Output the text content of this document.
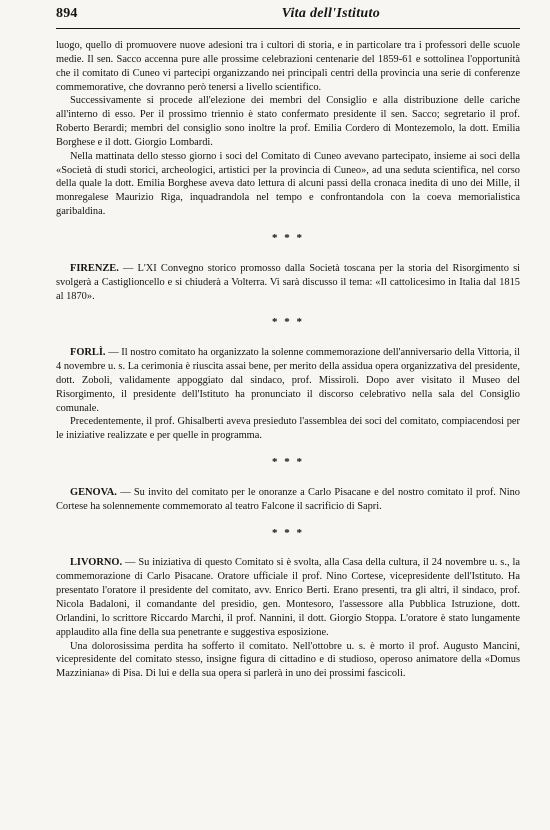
894	Vita dell'Istituto

luogo, quello di promuovere nuove adesioni tra i cultori di storia, e in particolare tra i professori delle scuole medie. Il sen. Sacco accenna pure alle prossime celebrazioni centenarie del 1859-61 e sottolinea l'opportunità che il comitato di Cuneo vi partecipi organizzando nei principali centri della provincia una serie di conferenze commemorative, che dovranno però tenersi a livello scientifico.

Successivamente si procede all'elezione dei membri del Consiglio e alla distribuzione delle cariche all'interno di esso. Per il prossimo triennio è stato confermato presidente il sen. Sacco; segretario il prof. Roberto Berardi; membri del consiglio sono inoltre la prof. Emilia Cordero di Montezemolo, la dott. Emilia Borghese e il dott. Giorgio Lombardi.

Nella mattinata dello stesso giorno i soci del Comitato di Cuneo avevano partecipato, insieme ai soci della «Società di studi storici, archeologici, artistici per la provincia di Cuneo», ad una seduta scientifica, nel corso della quale la dott. Emilia Borghese aveva dato lettura di alcuni passi della cronaca inedita di uno dei Mille, il monregalese Maurizio Riga, inquadrandola nel tempo e confrontandola con la coeva memorialistica garibaldina.

* * *

FIRENZE. — L'XI Convegno storico promosso dalla Società toscana per la storia del Risorgimento si svolgerà a Castiglioncello e si chiuderà a Volterra. Vi sarà discusso il tema: «Il cattolicesimo in Italia dal 1815 al 1870».

* * *

FORLÌ. — Il nostro comitato ha organizzato la solenne commemorazione dell'anniversario della Vittoria, il 4 novembre u. s. La cerimonia è riuscita assai bene, per merito della assidua opera organizzativa del presidente, dott. Zoboli, validamente appoggiato dal sindaco, prof. Missiroli. Dopo aver visitato il Museo del Risorgimento, il presidente dell'Istituto ha pronunciato il discorso celebrativo nella sala del Consiglio comunale.

Precedentemente, il prof. Ghisalberti aveva presieduto l'assemblea dei soci del comitato, compiacendosi per le iniziative realizzate e per quelle in programma.

* * *

GENOVA. — Su invito del comitato per le onoranze a Carlo Pisacane e del nostro comitato il prof. Nino Cortese ha solennemente commemorato al teatro Falcone il sacrificio di Sapri.

* * *

LIVORNO. — Su iniziativa di questo Comitato si è svolta, alla Casa della cultura, il 24 novembre u. s., la commemorazione di Carlo Pisacane. Oratore ufficiale il prof. Nino Cortese, vicepresidente dell'Istituto. Ha presentato l'oratore il presidente del comitato, avv. Enrico Berti. Erano presenti, tra gli altri, il sindaco, prof. Nicola Badaloni, il comandante del presidio, gen. Montesoro, l'assessore alla Pubblica Istruzione, dott. Orlandini, lo scrittore Riccardo Marchi, il prof. Nannini, il dott. Giorgio Stoppa. L'oratore è stato lungamente applaudito alla fine della sua penetrante e suggestiva esposizione.

Una dolorosissima perdita ha sofferto il comitato. Nell'ottobre u. s. è morto il prof. Augusto Mancini, vicepresidente del comitato stesso, insigne figura di cittadino e di studioso, operoso animatore della «Domus Mazziniana» di Pisa. Di lui e della sua opera si parlerà in uno dei prossimi fascicoli.
